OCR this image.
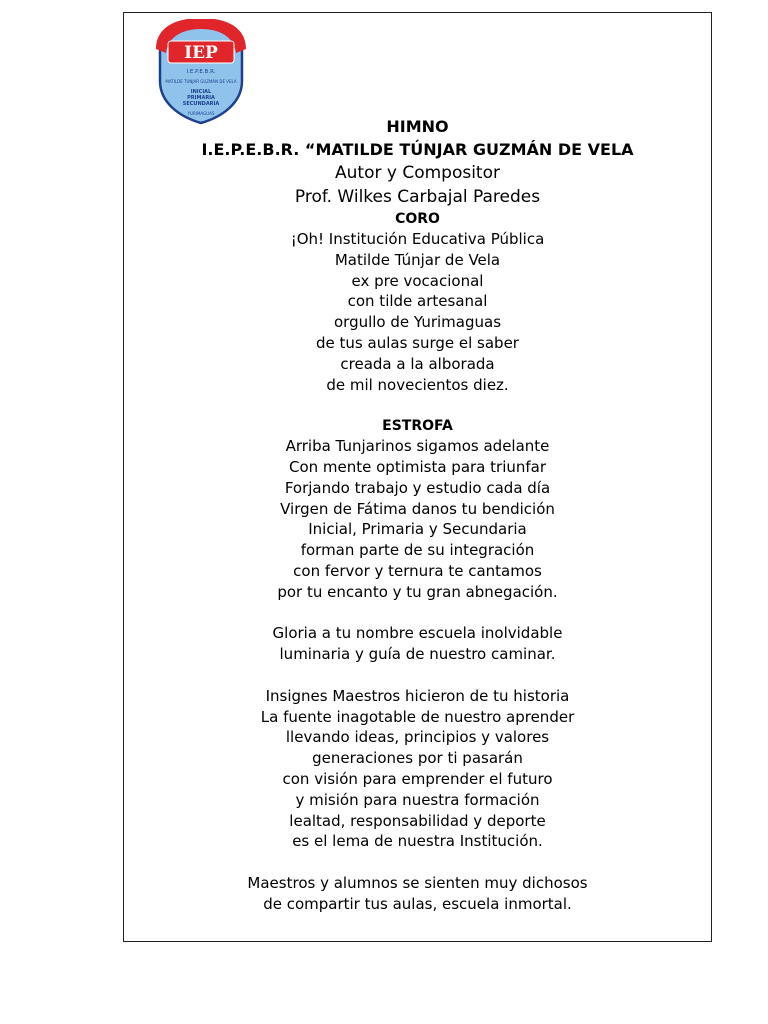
IEP
I.E.P.E.B.R.
MATILDE TÚNJAR GUZMÁN DE VELA
INICIAL
PRIMARIA
SECUNDARIA
YURIMAGUAS
HIMNO
I.E.P.E.B.R. “MATILDE TÚNJAR GUZMÁN DE VELA
Autor y Compositor
Prof. Wilkes Carbajal Paredes
CORO
¡Oh! Institución Educativa Pública
Matilde Túnjar de Vela
ex pre vocacional
con tilde artesanal
orgullo de Yurimaguas
de tus aulas surge el saber
creada a la alborada
de mil novecientos diez.
ESTROFA
Arriba Tunjarinos sigamos adelante
Con mente optimista para triunfar
Forjando trabajo y estudio cada día
Virgen de Fátima danos tu bendición
Inicial, Primaria y Secundaria
forman parte de su integración
con fervor y ternura te cantamos
por tu encanto y tu gran abnegación.
Gloria a tu nombre escuela inolvidable
luminaria y guía de nuestro caminar.
Insignes Maestros hicieron de tu historia
La fuente inagotable de nuestro aprender
llevando ideas, principios y valores
generaciones por ti pasarán
con visión para emprender el futuro
y misión para nuestra formación
lealtad, responsabilidad y deporte
es el lema de nuestra Institución.
Maestros y alumnos se sienten muy dichosos
de compartir tus aulas, escuela inmortal.
